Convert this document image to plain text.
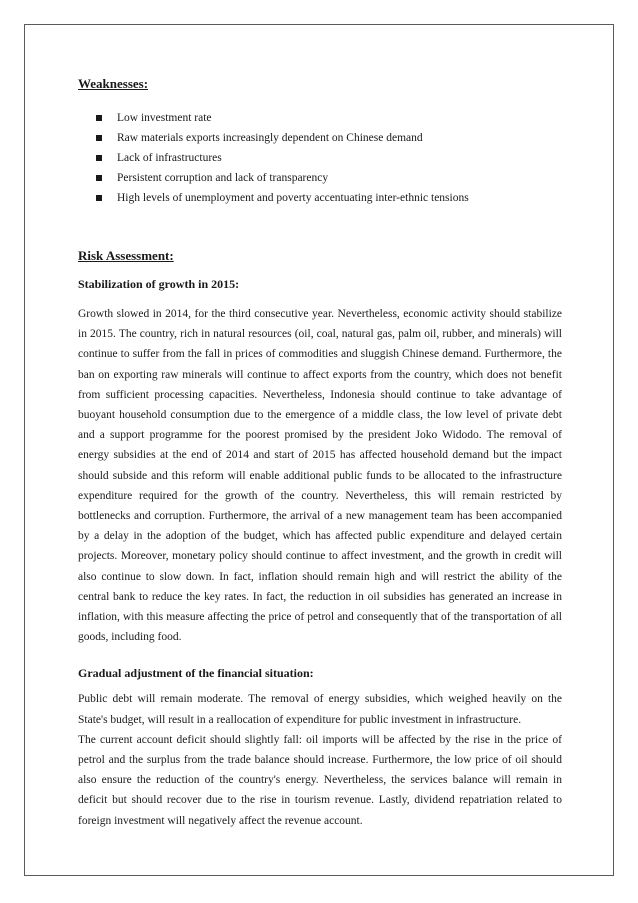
Weaknesses:
Low investment rate
Raw materials exports increasingly dependent on Chinese demand
Lack of infrastructures
Persistent corruption and lack of transparency
High levels of unemployment and poverty accentuating inter-ethnic tensions
Risk Assessment:
Stabilization of growth in 2015:

Growth slowed in 2014, for the third consecutive year. Nevertheless, economic activity should stabilize in 2015. The country, rich in natural resources (oil, coal, natural gas, palm oil, rubber, and minerals) will continue to suffer from the fall in prices of commodities and sluggish Chinese demand. Furthermore, the ban on exporting raw minerals will continue to affect exports from the country, which does not benefit from sufficient processing capacities. Nevertheless, Indonesia should continue to take advantage of buoyant household consumption due to the emergence of a middle class, the low level of private debt and a support programme for the poorest promised by the president Joko Widodo. The removal of energy subsidies at the end of 2014 and start of 2015 has affected household demand but the impact should subside and this reform will enable additional public funds to be allocated to the infrastructure expenditure required for the growth of the country. Nevertheless, this will remain restricted by bottlenecks and corruption. Furthermore, the arrival of a new management team has been accompanied by a delay in the adoption of the budget, which has affected public expenditure and delayed certain projects. Moreover, monetary policy should continue to affect investment, and the growth in credit will also continue to slow down. In fact, inflation should remain high and will restrict the ability of the central bank to reduce the key rates. In fact, the reduction in oil subsidies has generated an increase in inflation, with this measure affecting the price of petrol and consequently that of the transportation of all goods, including food.

Gradual adjustment of the financial situation:

Public debt will remain moderate. The removal of energy subsidies, which weighed heavily on the State's budget, will result in a reallocation of expenditure for public investment in infrastructure.

The current account deficit should slightly fall: oil imports will be affected by the rise in the price of petrol and the surplus from the trade balance should increase. Furthermore, the low price of oil should also ensure the reduction of the country's energy. Nevertheless, the services balance will remain in deficit but should recover due to the rise in tourism revenue. Lastly, dividend repatriation related to foreign investment will negatively affect the revenue account.
